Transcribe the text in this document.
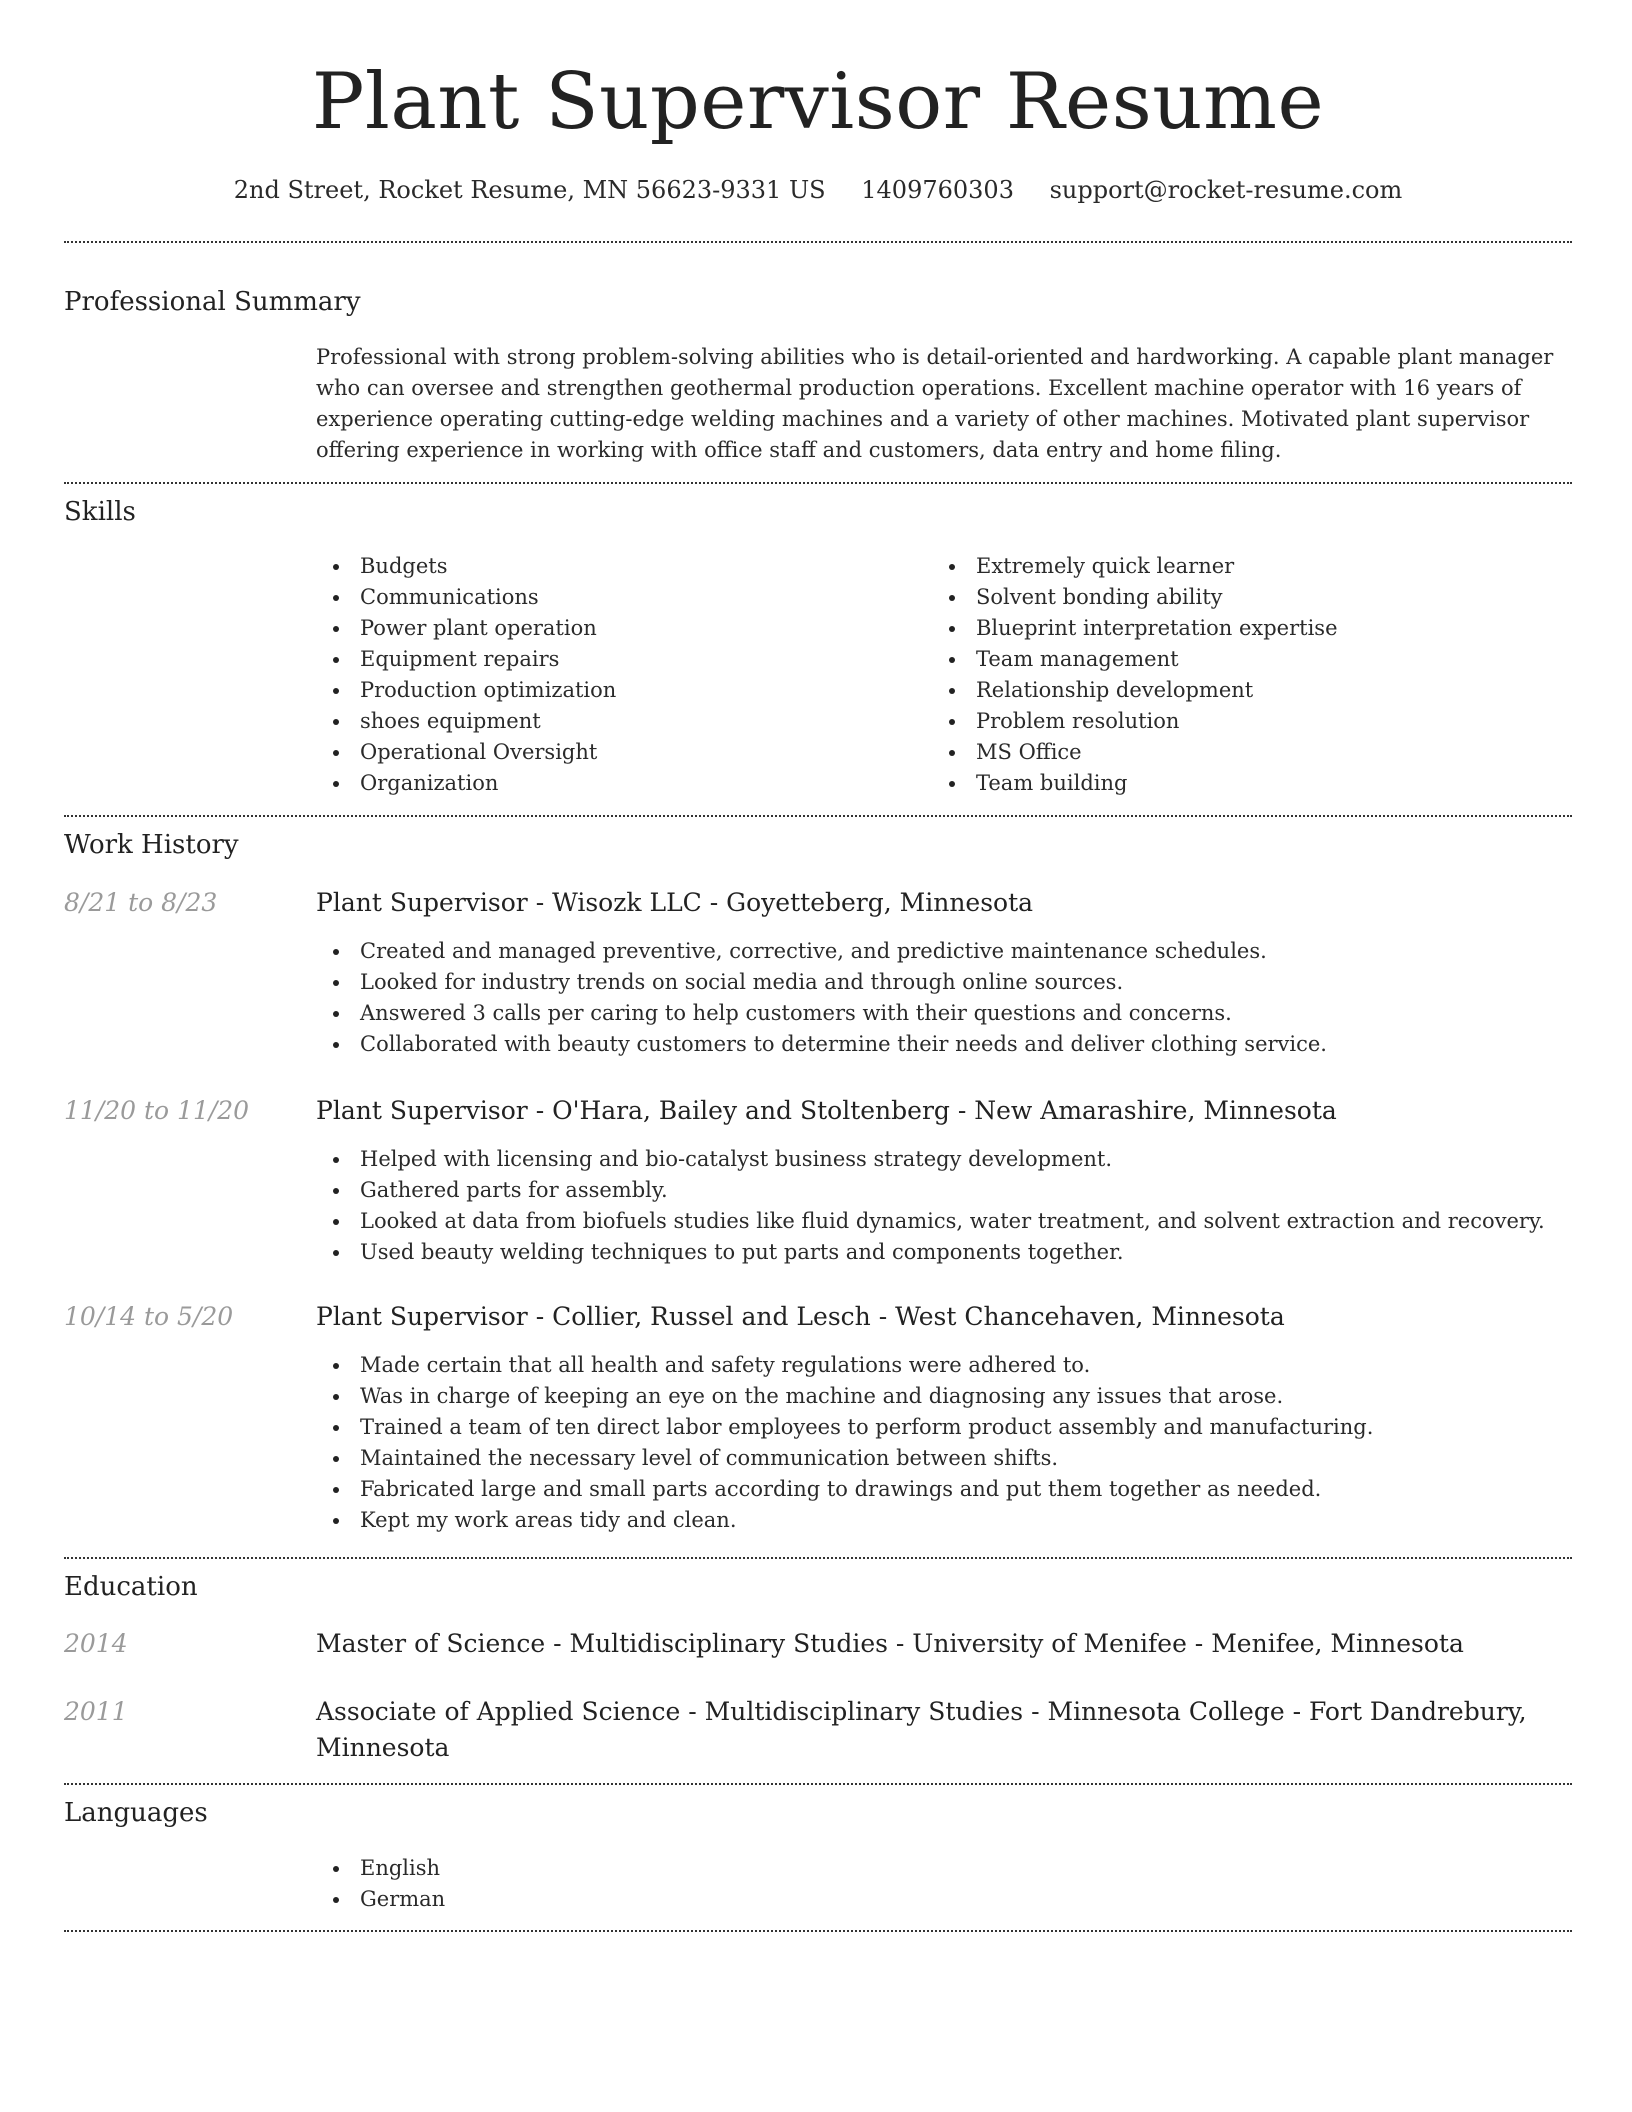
Plant Supervisor Resume
2nd Street, Rocket Resume, MN 56623-9331 US 1409760303 support@rocket-resume.com
Professional Summary
Professional with strong problem-solving abilities who is detail-oriented and hardworking. A capable plant manager who can oversee and strengthen geothermal production operations. Excellent machine operator with 16 years of experience operating cutting-edge welding machines and a variety of other machines. Motivated plant supervisor offering experience in working with office staff and customers, data entry and home filing.
Skills
Budgets
Communications
Power plant operation
Equipment repairs
Production optimization
shoes equipment
Operational Oversight
Organization
Extremely quick learner
Solvent bonding ability
Blueprint interpretation expertise
Team management
Relationship development
Problem resolution
MS Office
Team building
Work History
8/21 to 8/23	Plant Supervisor - Wisozk LLC - Goyetteberg, Minnesota
Created and managed preventive, corrective, and predictive maintenance schedules.
Looked for industry trends on social media and through online sources.
Answered 3 calls per caring to help customers with their questions and concerns.
Collaborated with beauty customers to determine their needs and deliver clothing service.
11/20 to 11/20	Plant Supervisor - O'Hara, Bailey and Stoltenberg - New Amarashire, Minnesota
Helped with licensing and bio-catalyst business strategy development.
Gathered parts for assembly.
Looked at data from biofuels studies like fluid dynamics, water treatment, and solvent extraction and recovery.
Used beauty welding techniques to put parts and components together.
10/14 to 5/20	Plant Supervisor - Collier, Russel and Lesch - West Chancehaven, Minnesota
Made certain that all health and safety regulations were adhered to.
Was in charge of keeping an eye on the machine and diagnosing any issues that arose.
Trained a team of ten direct labor employees to perform product assembly and manufacturing.
Maintained the necessary level of communication between shifts.
Fabricated large and small parts according to drawings and put them together as needed.
Kept my work areas tidy and clean.
Education
2014	Master of Science - Multidisciplinary Studies - University of Menifee - Menifee, Minnesota
2011	Associate of Applied Science - Multidisciplinary Studies - Minnesota College - Fort Dandrebury, Minnesota
Languages
English
German
